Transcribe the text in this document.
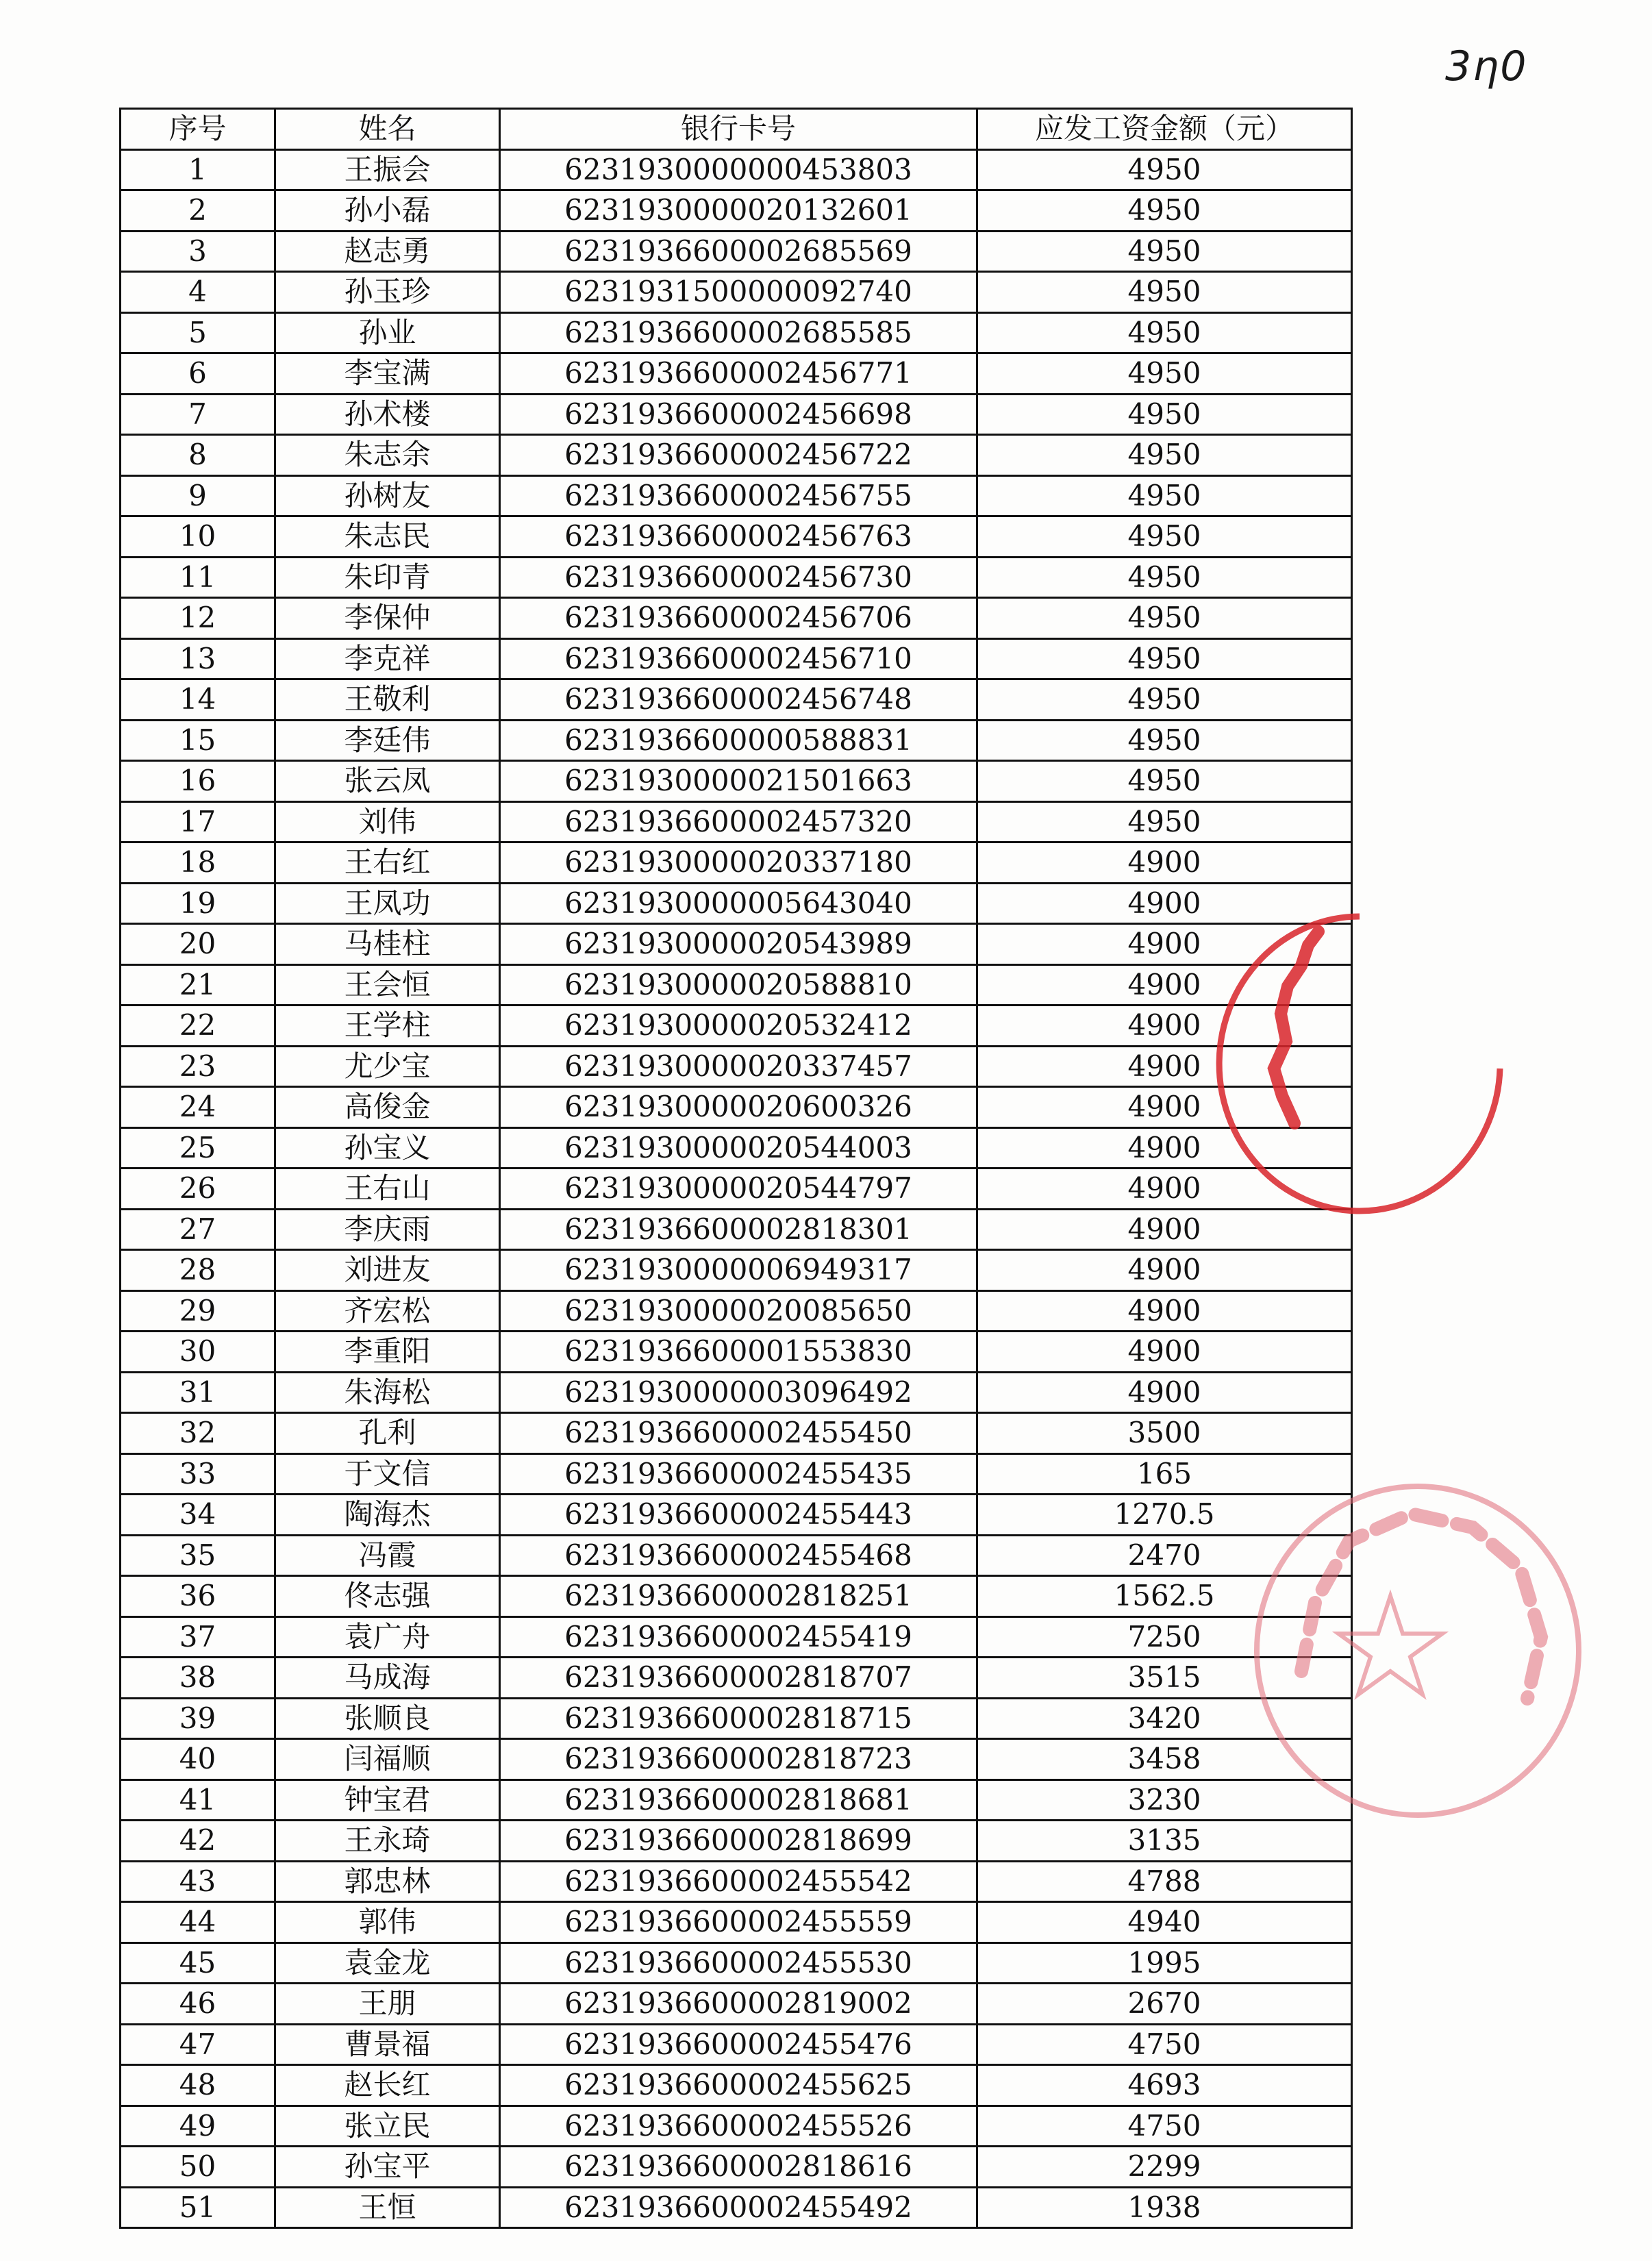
3η0
序号	姓名	银行卡号	应发工资金额（元）
1	王振会	6231930000000453803	4950
2	孙小磊	6231930000020132601	4950
3	赵志勇	6231936600002685569	4950
4	孙玉珍	6231931500000092740	4950
5	孙业	6231936600002685585	4950
6	李宝满	6231936600002456771	4950
7	孙术楼	6231936600002456698	4950
8	朱志余	6231936600002456722	4950
9	孙树友	6231936600002456755	4950
10	朱志民	6231936600002456763	4950
11	朱印青	6231936600002456730	4950
12	李保仲	6231936600002456706	4950
13	李克祥	6231936600002456710	4950
14	王敬利	6231936600002456748	4950
15	李廷伟	6231936600000588831	4950
16	张云凤	6231930000021501663	4950
17	刘伟	6231936600002457320	4950
18	王右红	6231930000020337180	4900
19	王凤功	6231930000005643040	4900
20	马桂柱	6231930000020543989	4900
21	王会恒	6231930000020588810	4900
22	王学柱	6231930000020532412	4900
23	尤少宝	6231930000020337457	4900
24	高俊金	6231930000020600326	4900
25	孙宝义	6231930000020544003	4900
26	王右山	6231930000020544797	4900
27	李庆雨	6231936600002818301	4900
28	刘进友	6231930000006949317	4900
29	齐宏松	6231930000020085650	4900
30	李重阳	6231936600001553830	4900
31	朱海松	6231930000003096492	4900
32	孔利	6231936600002455450	3500
33	于文信	6231936600002455435	165
34	陶海杰	6231936600002455443	1270.5
35	冯霞	6231936600002455468	2470
36	佟志强	6231936600002818251	1562.5
37	袁广舟	6231936600002455419	7250
38	马成海	6231936600002818707	3515
39	张顺良	6231936600002818715	3420
40	闫福顺	6231936600002818723	3458
41	钟宝君	6231936600002818681	3230
42	王永琦	6231936600002818699	3135
43	郭忠林	6231936600002455542	4788
44	郭伟	6231936600002455559	4940
45	袁金龙	6231936600002455530	1995
46	王朋	6231936600002819002	2670
47	曹景福	6231936600002455476	4750
48	赵长红	6231936600002455625	4693
49	张立民	6231936600002455526	4750
50	孙宝平	6231936600002818616	2299
51	王恒	6231936600002455492	1938
